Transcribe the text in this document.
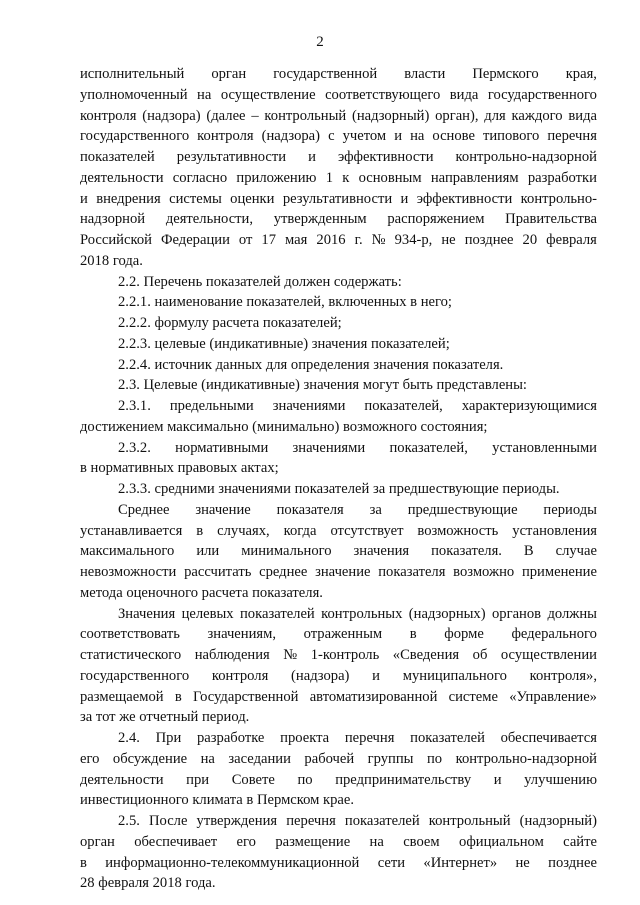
2
исполнительный орган государственной власти Пермского края,
уполномоченный на осуществление соответствующего вида государственного
контроля (надзора) (далее – контрольный (надзорный) орган), для каждого вида
государственного контроля (надзора) с учетом и на основе типового перечня
показателей результативности и эффективности контрольно-надзорной
деятельности согласно приложению 1 к основным направлениям разработки
и внедрения системы оценки результативности и эффективности контрольно-
надзорной деятельности, утвержденным распоряжением Правительства
Российской Федерации от 17 мая 2016 г. № 934-р, не позднее 20 февраля
2018 года.
2.2. Перечень показателей должен содержать:
2.2.1. наименование показателей, включенных в него;
2.2.2. формулу расчета показателей;
2.2.3. целевые (индикативные) значения показателей;
2.2.4. источник данных для определения значения показателя.
2.3. Целевые (индикативные) значения могут быть представлены:
2.3.1. предельными значениями показателей, характеризующимися
достижением максимально (минимально) возможного состояния;
2.3.2. нормативными значениями показателей, установленными
в нормативных правовых актах;
2.3.3. средними значениями показателей за предшествующие периоды.
Среднее значение показателя за предшествующие периоды
устанавливается в случаях, когда отсутствует возможность установления
максимального или минимального значения показателя. В случае
невозможности рассчитать среднее значение показателя возможно применение
метода оценочного расчета показателя.
Значения целевых показателей контрольных (надзорных) органов должны
соответствовать значениям, отраженным в форме федерального
статистического наблюдения № 1-контроль «Сведения об осуществлении
государственного контроля (надзора) и муниципального контроля»,
размещаемой в Государственной автоматизированной системе «Управление»
за тот же отчетный период.
2.4. При разработке проекта перечня показателей обеспечивается
его обсуждение на заседании рабочей группы по контрольно-надзорной
деятельности при Совете по предпринимательству и улучшению
инвестиционного климата в Пермском крае.
2.5. После утверждения перечня показателей контрольный (надзорный)
орган обеспечивает его размещение на своем официальном сайте
в информационно-телекоммуникационной сети «Интернет» не позднее
28 февраля 2018 года.
